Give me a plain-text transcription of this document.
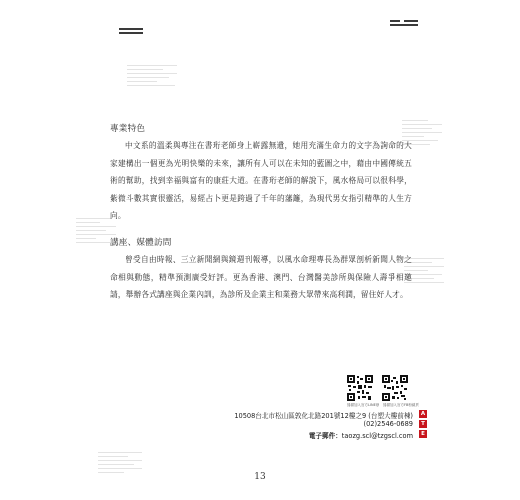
專業特色
中文系的溫柔與專注在書珩老師身上嶄露無遺，她用充滿生命力的文字為詢命的大家建構出一個更為光明快樂的未來，讓所有人可以在未知的藍圖之中，藉由中國傳統五術的幫助，找到幸福與富有的康莊大道。在書珩老師的解說下，風水格局可以很科學，紫微斗數其實很靈活，易經占卜更是跨過了千年的藩籬，為現代男女指引精準的人生方向。
講座、媒體訪問
曾受自由時報、三立新聞網與鏡週刊報導，以風水命理專長為群眾剖析新聞人物之命相與動態，精準預測廣受好評。更為香港、澳門、台灣醫美診所與保險人壽爭相邀請，舉辦各式講座與企業內訓，為診所及企業主和業務大眾帶來高利潤，留住好人才。
掃描加入官方LINE@ 掃描加入官方FB粉絲頁
10508台北市松山區敦化北路201號12樓之9 (台塑大樓前棟)	A
(02)2546-0689	T
電子郵件：taozg.scl@tzgscl.com	E
13
